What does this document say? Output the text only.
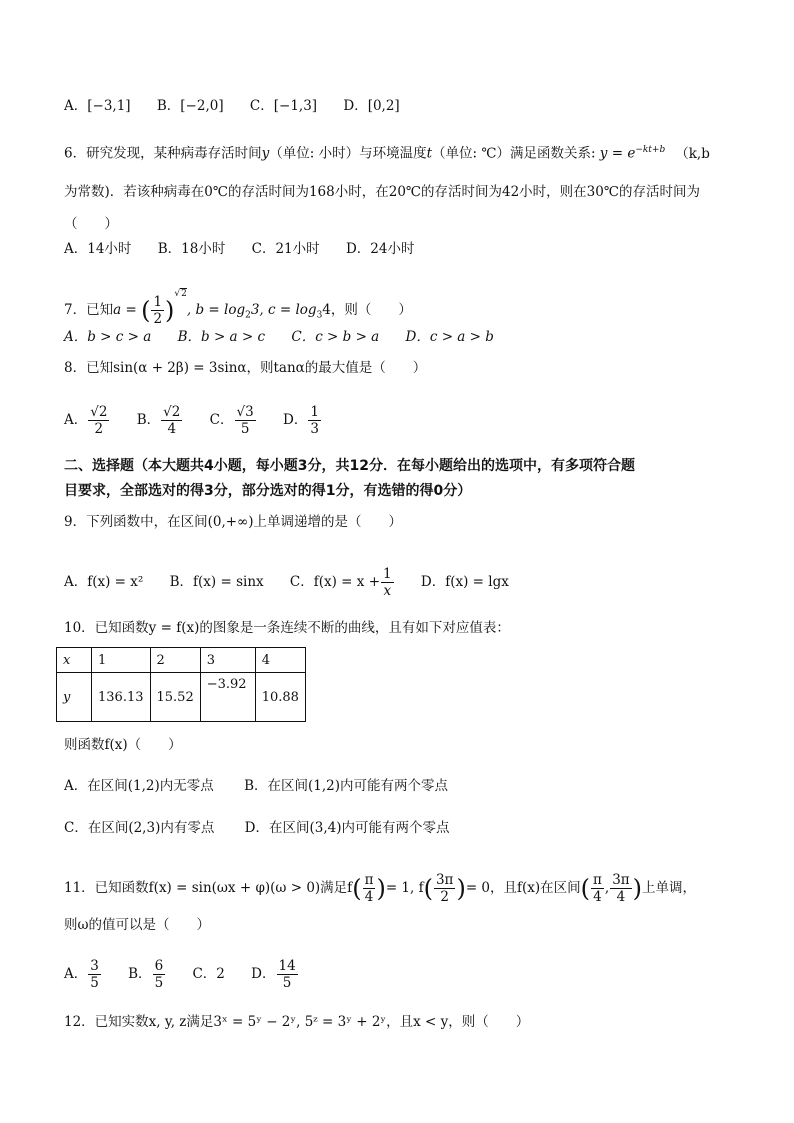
A．[−3,1] B．[−2,0] C．[−1,3] D．[0,2]
6．研究发现，某种病毒存活时间y（单位: 小时）与环境温度t（单位: ℃）满足函数关系: $y = e^{-kt+b}$ （k,b
为常数)．若该种病毒在0℃的存活时间为168小时，在20℃的存活时间为42小时，则在30℃的存活时间为
（　　）
A．14小时 B．18小时 C．21小时 D．24小时
7．已知a = ( $\frac{1}{2} )^{√2}$, $b = \log_23$, $c = \log_34$，则（　　）
A．b > c > a B．b > a > c C．c > b > a D．c > a > b
8．已知sin(α + 2β) = 3sinα，则tanα的最大值是（　　）
A． $\frac{√2}{2}$ B． $\frac{√2}{4}$ C． $\frac{√3}{5}$ D． $\frac{1}{3}$
二、选择题（本大题共4小题，每小题3分，共12分．在每小题给出的选项中，有多项符合题
目要求，全部选对的得3分，部分选对的得1分，有选错的得0分）
9．下列函数中，在区间(0,+∞)上单调递增的是（　　）
A．f(x) = x² B．f(x) = sinx C．$f(x) = x + \frac{1}{x}$ D．f(x) = lgx
10．已知函数y = f(x)的图象是一条连续不断的曲线，且有如下对应值表：
x	1	2	3	4
y	136.13	15.52	−3.92	10.88
则函数f(x)（　　）
A．在区间(1,2)内无零点 B．在区间(1,2)内可能有两个零点
C．在区间(2,3)内有零点 D．在区间(3,4)内可能有两个零点
11．已知函数f(x) = sin(ωx + φ)(ω > 0)满足$f( \frac{\pi}{4}$ )= 1, $f( \frac{3\pi}{2}$ )= 0，且f(x)在区间( $\frac{\pi}{4}$ , $\frac{3\pi}{4}$ )上单调，
则ω的值可以是（　　）
A． $\frac{3}{5}$ B． $\frac{6}{5}$ C．2 D． $\frac{14}{5}$
12．已知实数x, y, z满足3ˣ = 5ʸ − 2ʸ, 5ᶻ = 3ʸ + 2ʸ，且x < y，则（　　）
